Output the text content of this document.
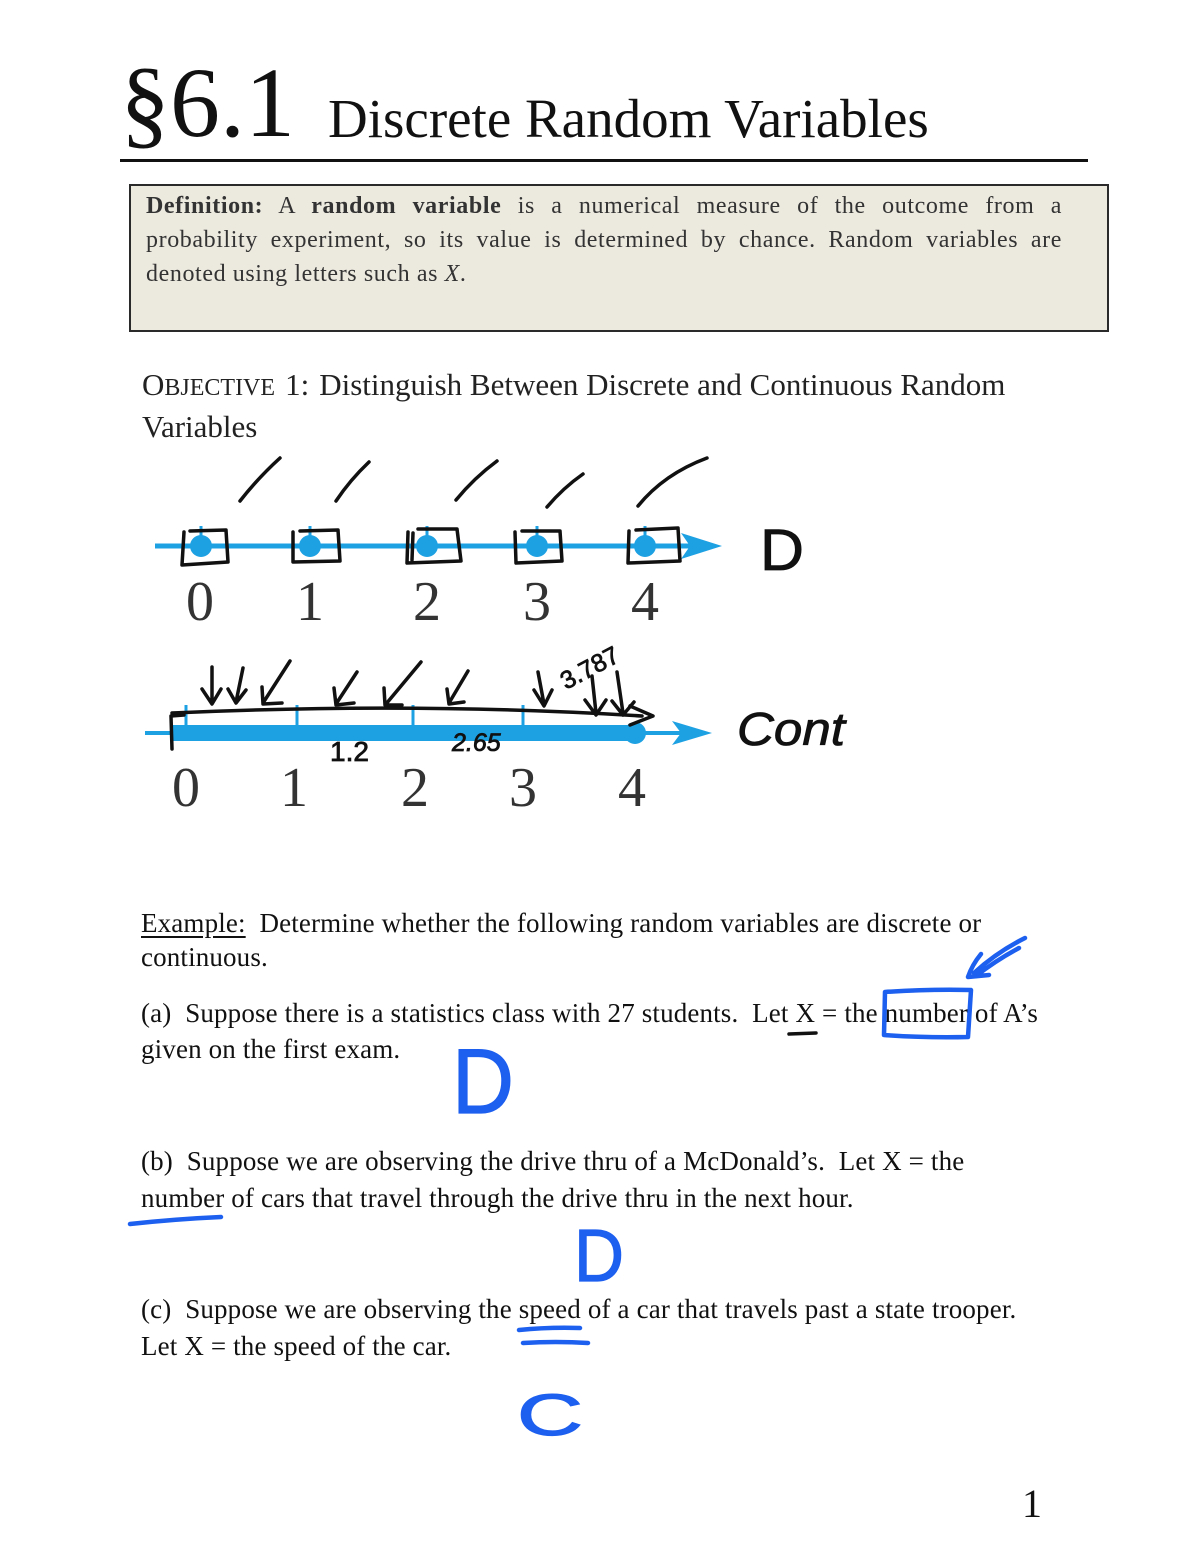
§6.1 Discrete Random Variables
Definition: A random variable is a numerical measure of the outcome from a
probability experiment, so its value is determined by chance. Random variables are
denoted using letters such as X.
OBJECTIVE 1: Distinguish Between Discrete and Continuous Random
Variables
Example:  Determine whether the following random variables are discrete or
continuous.
(a)  Suppose there is a statistics class with 27 students.  Let X = the number of A’s
given on the first exam.
(b)  Suppose we are observing the drive thru of a McDonald’s.  Let X = the
number of cars that travel through the drive thru in the next hour.
(c)  Suppose we are observing the speed of a car that travels past a state trooper.
Let X = the speed of the car.
1
0 1 2 3 4
D
0 1 2 3 4
1.2	2.65
3.787
Cont
D
D
C
